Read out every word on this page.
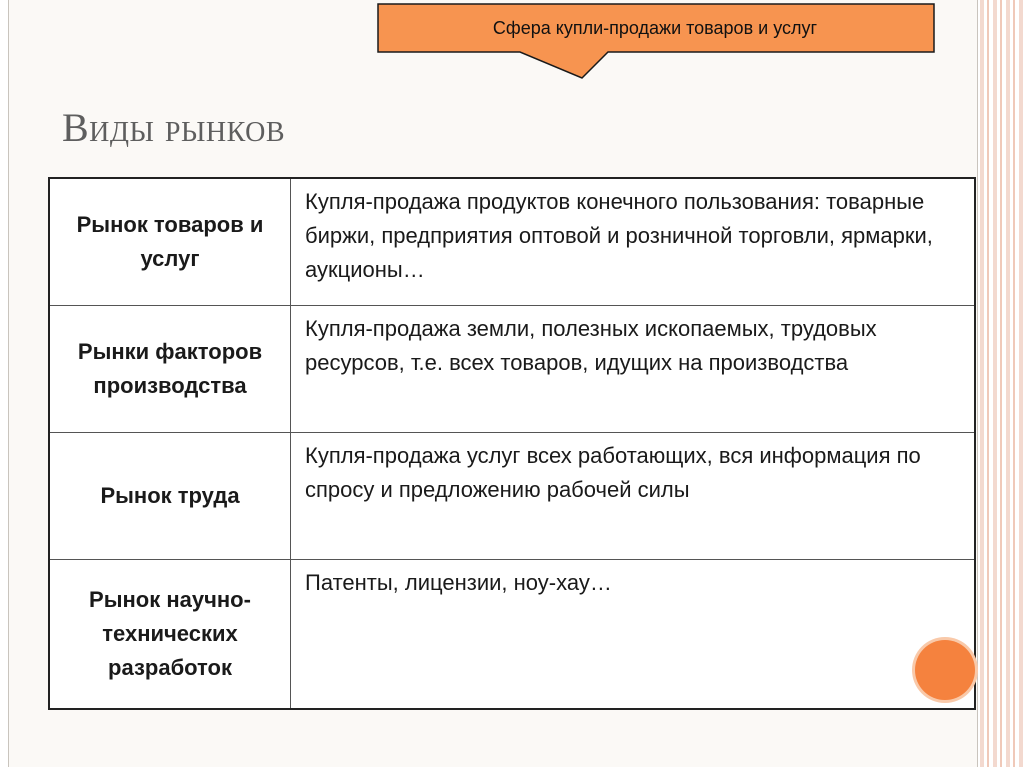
Сфера купли-продажи товаров и услуг
Виды рынков
Рынок товаров и услуг	Купля-продажа продуктов конечного пользования: товарные биржи, предприятия оптовой и розничной торговли, ярмарки, аукционы…
Рынки факторов производства	Купля-продажа земли, полезных ископаемых, трудовых ресурсов, т.е. всех товаров, идущих на производства
Рынок труда	Купля-продажа услуг всех работающих, вся информация по спросу и предложению рабочей силы
Рынок научно-технических разработок	Патенты, лицензии, ноу-хау…
